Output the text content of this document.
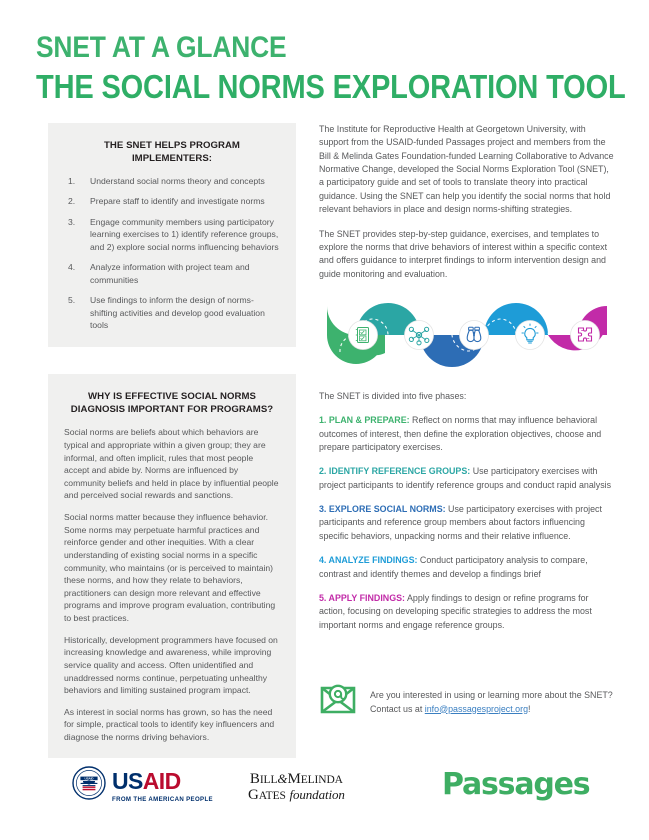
SNET AT A GLANCE
THE SOCIAL NORMS EXPLORATION TOOL
THE SNET HELPS PROGRAM IMPLEMENTERS:
Understand social norms theory and concepts
Prepare staff to identify and investigate norms
Engage community members using participatory learning exercises to 1) identify reference groups, and 2) explore social norms influencing behaviors
Analyze information with project team and communities
Use findings to inform the design of norms-shifting activities and develop good evaluation tools
WHY IS EFFECTIVE SOCIAL NORMS
DIAGNOSIS IMPORTANT FOR PROGRAMS?

Social norms are beliefs about which behaviors are typical and appropriate within a given group; they are informal, and often implicit, rules that most people accept and abide by. Norms are influenced by community beliefs and held in place by influential people and perceived social rewards and sanctions.

Social norms matter because they influence behavior. Some norms may perpetuate harmful practices and reinforce gender and other inequities. With a clear understanding of existing social norms in a specific community, who maintains (or is perceived to maintain) these norms, and how they relate to behaviors, practitioners can design more relevant and effective programs and improve program evaluation, contributing to best practices.

Historically, development programmers have focused on increasing knowledge and awareness, while improving service quality and access. Often unidentified and unaddressed norms continue, perpetuating unhealthy behaviors and limiting sustained program impact.

As interest in social norms has grown, so has the need for simple, practical tools to identify key influencers and diagnose the norms driving behaviors.

The Institute for Reproductive Health at Georgetown University, with support from the USAID-funded Passages project and members from the Bill & Melinda Gates Foundation-funded Learning Collaborative to Advance Normative Change, developed the Social Norms Exploration Tool (SNET), a participatory guide and set of tools to translate theory into practical guidance. Using the SNET can help you identify the social norms that hold relevant behaviors in place and design norms-shifting strategies.

The SNET provides step-by-step guidance, exercises, and templates to explore the norms that drive behaviors of interest within a specific context and offers guidance to interpret findings to inform intervention design and guide monitoring and evaluation.

The SNET is divided into five phases:

1. PLAN & PREPARE: Reflect on norms that may influence behavioral outcomes of interest, then define the exploration objectives, choose and prepare participatory exercises.

2. IDENTIFY REFERENCE GROUPS: Use participatory exercises with project participants to identify reference groups and conduct rapid analysis

3. EXPLORE SOCIAL NORMS: Use participatory exercises with project participants and reference group members about factors influencing specific behaviors, unpacking norms and their relative influence.

4. ANALYZE FINDINGS: Conduct participatory analysis to compare, contrast and identify themes and develop a findings brief

5. APPLY FINDINGS: Apply findings to design or refine programs for action, focusing on developing specific strategies to address the most important norms and engage reference groups.

Are you interested in using or learning more about the SNET? Contact us at info@passagesproject.org!
USAID USAID
FROM THE AMERICAN PEOPLE
BILL&MELINDA
GATES foundation	Passages
